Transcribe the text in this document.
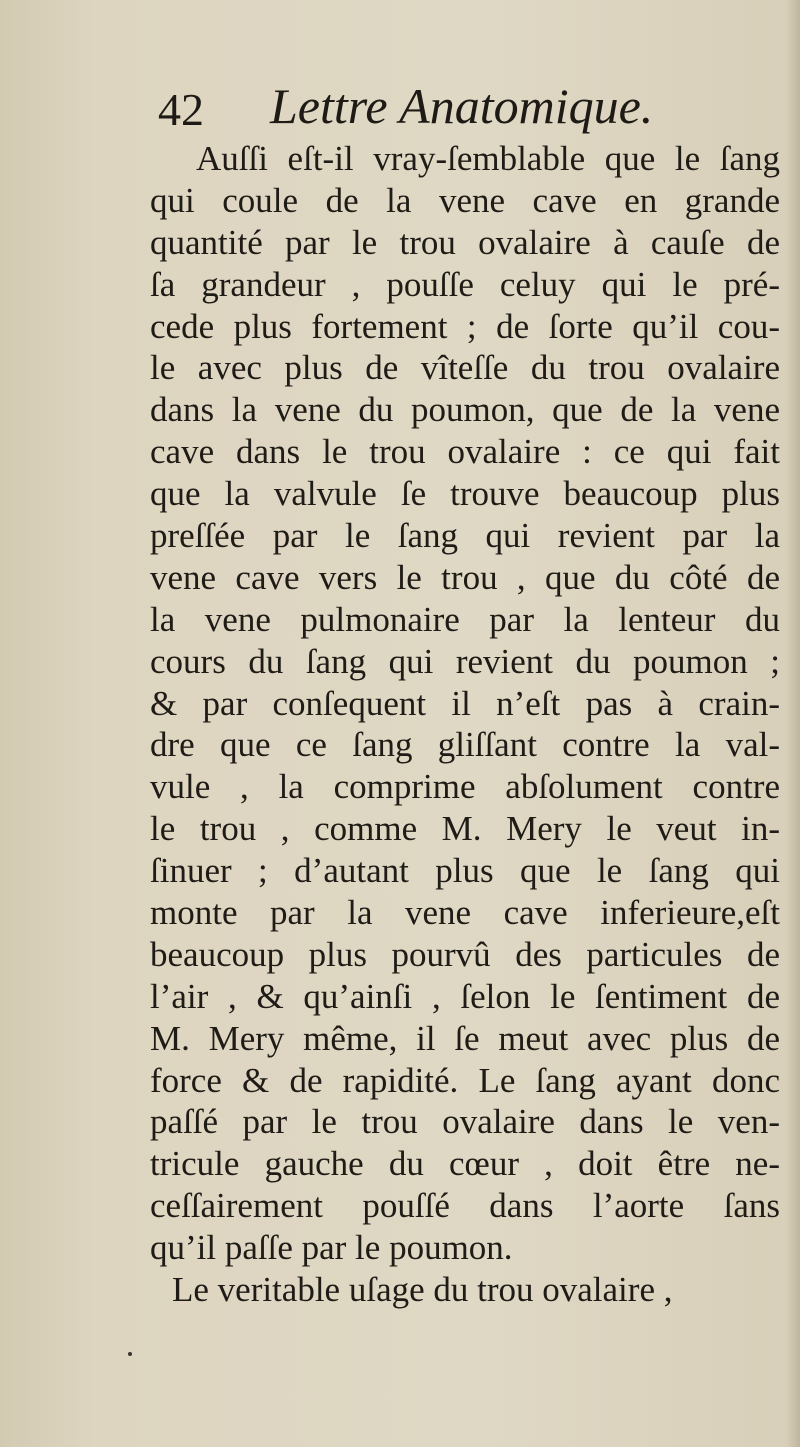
42 Lettre Anatomique.
Auſſi eſt-il vray-ſemblable que le ſang
qui coule de la vene cave en grande
quantité par le trou ovalaire à cauſe de
ſa grandeur , pouſſe celuy qui le pré-
cede plus fortement ; de ſorte qu’il cou-
le avec plus de vîteſſe du trou ovalaire
dans la vene du poumon, que de la vene
cave dans le trou ovalaire : ce qui fait
que la valvule ſe trouve beaucoup plus
preſſée par le ſang qui revient par la
vene cave vers le trou , que du côté de
la vene pulmonaire par la lenteur du
cours du ſang qui revient du poumon ;
& par conſequent il n’eſt pas à crain-
dre que ce ſang gliſſant contre la val-
vule , la comprime abſolument contre
le trou , comme M. Mery le veut in-
ſinuer ; d’autant plus que le ſang qui
monte par la vene cave inferieure,eſt
beaucoup plus pourvû des particules de
l’air , & qu’ainſi , ſelon le ſentiment de
M. Mery même, il ſe meut avec plus de
force & de rapidité. Le ſang ayant donc
paſſé par le trou ovalaire dans le ven-
tricule gauche du cœur , doit être ne-
ceſſairement pouſſé dans l’aorte ſans
qu’il paſſe par le poumon.
Le veritable uſage du trou ovalaire ,
